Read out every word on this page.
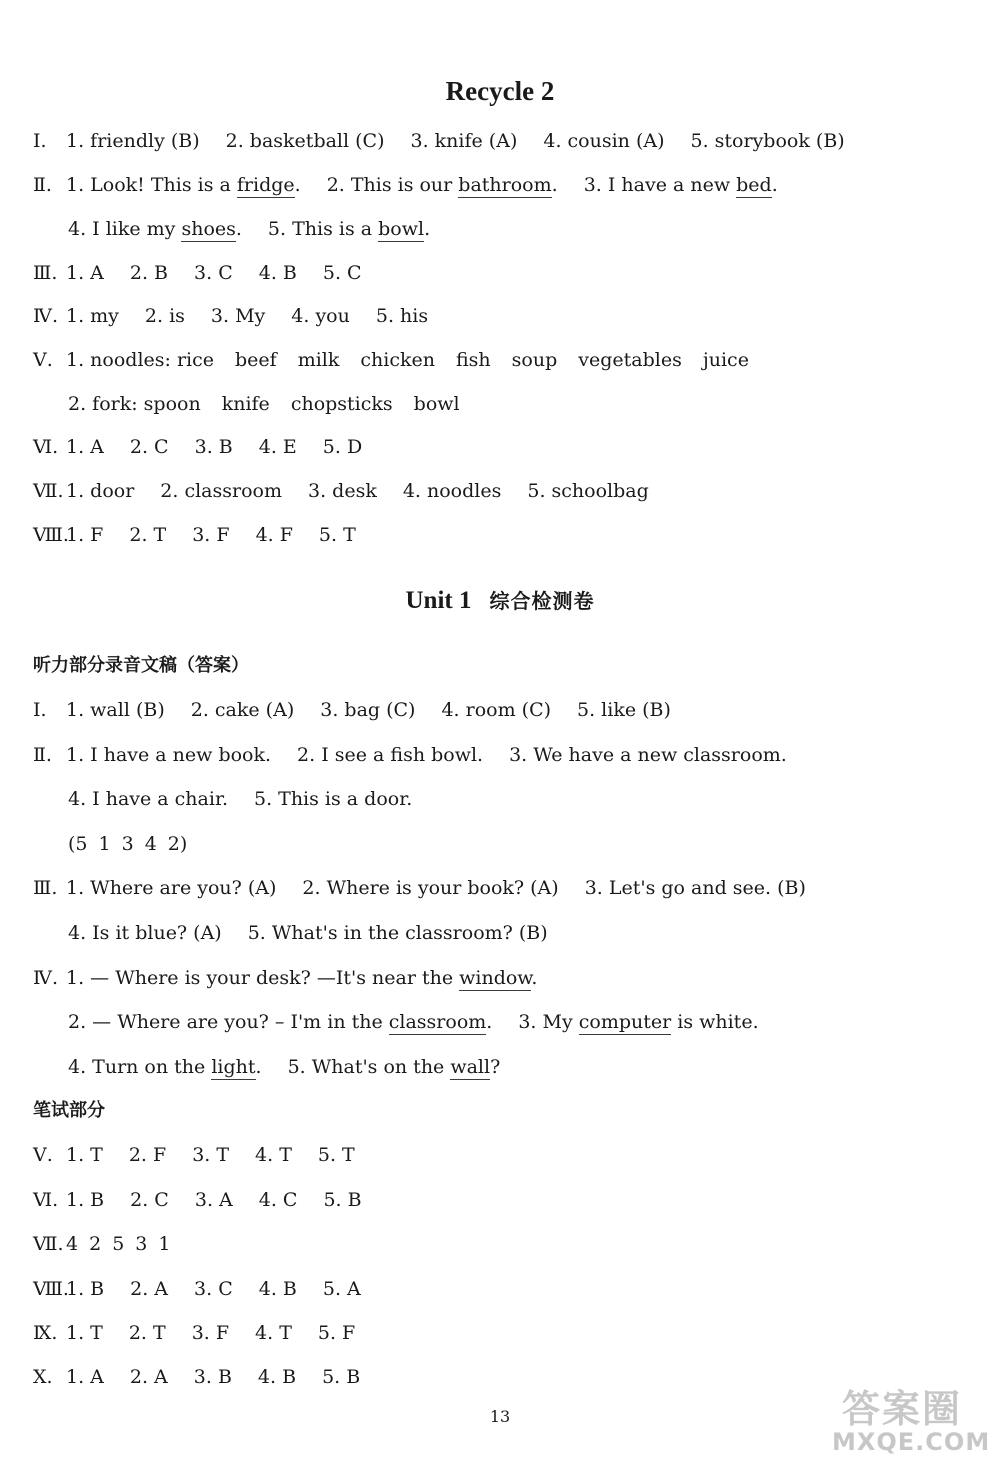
Recycle 2
Unit 1 综合检测卷
听力部分录音文稿（答案）
笔试部分
Ⅰ. 1. friendly (B) 2. basketball (C) 3. knife (A) 4. cousin (A) 5. storybook (B)
Ⅱ. 1. Look! This is a fridge. 2. This is our bathroom. 3. I have a new bed.
4. I like my shoes. 5. This is a bowl.
Ⅲ. 1. A 2. B 3. C 4. B 5. C
Ⅳ. 1. my 2. is 3. My 4. you 5. his
Ⅴ. 1. noodles: rice beef milk chicken fish soup vegetables juice
2. fork: spoon knife chopsticks bowl
Ⅵ. 1. A 2. C 3. B 4. E 5. D
Ⅶ. 1. door 2. classroom 3. desk 4. noodles 5. schoolbag
Ⅷ.1. F 2. T 3. F 4. F 5. T
Ⅰ. 1. wall (B) 2. cake (A) 3. bag (C) 4. room (C) 5. like (B)
Ⅱ. 1. I have a new book. 2. I see a fish bowl. 3. We have a new classroom.
4. I have a chair. 5. This is a door.
(5 1 3 4 2)
Ⅲ. 1. Where are you? (A) 2. Where is your book? (A) 3. Let's go and see. (B)
4. Is it blue? (A) 5. What's in the classroom? (B)
Ⅳ. 1. — Where is your desk? —It's near the window.
2. — Where are you? – I'm in the classroom. 3. My computer is white.
4. Turn on the light. 5. What's on the wall?
Ⅴ. 1. T 2. F 3. T 4. T 5. T
Ⅵ. 1. B 2. C 3. A 4. C 5. B
Ⅶ. 4 2 5 3 1
Ⅷ.1. B 2. A 3. C 4. B 5. A
Ⅸ. 1. T 2. T 3. F 4. T 5. F
Ⅹ. 1. A 2. A 3. B 4. B 5. B
13	答案圈
MXQE.COM
